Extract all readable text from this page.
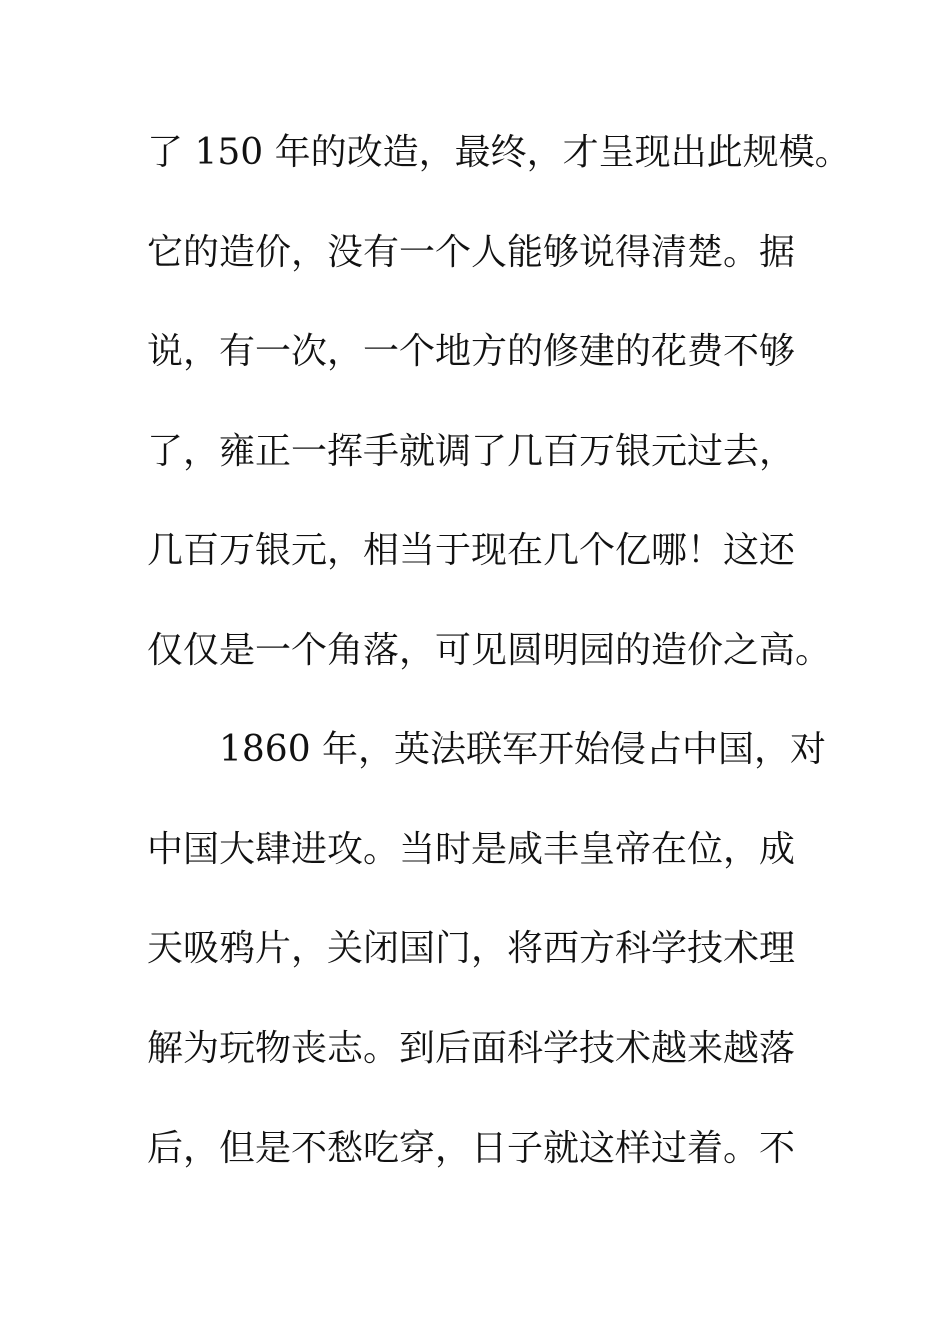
了 150 年的改造，最终，才呈现出此规模。
它的造价，没有一个人能够说得清楚。据
说，有一次，一个地方的修建的花费不够
了，雍正一挥手就调了几百万银元过去，
几百万银元，相当于现在几个亿哪！这还
仅仅是一个角落，可见圆明园的造价之高。
1860 年，英法联军开始侵占中国，对
中国大肆进攻。当时是咸丰皇帝在位，成
天吸鸦片，关闭国门，将西方科学技术理
解为玩物丧志。到后面科学技术越来越落
后，但是不愁吃穿，日子就这样过着。不
